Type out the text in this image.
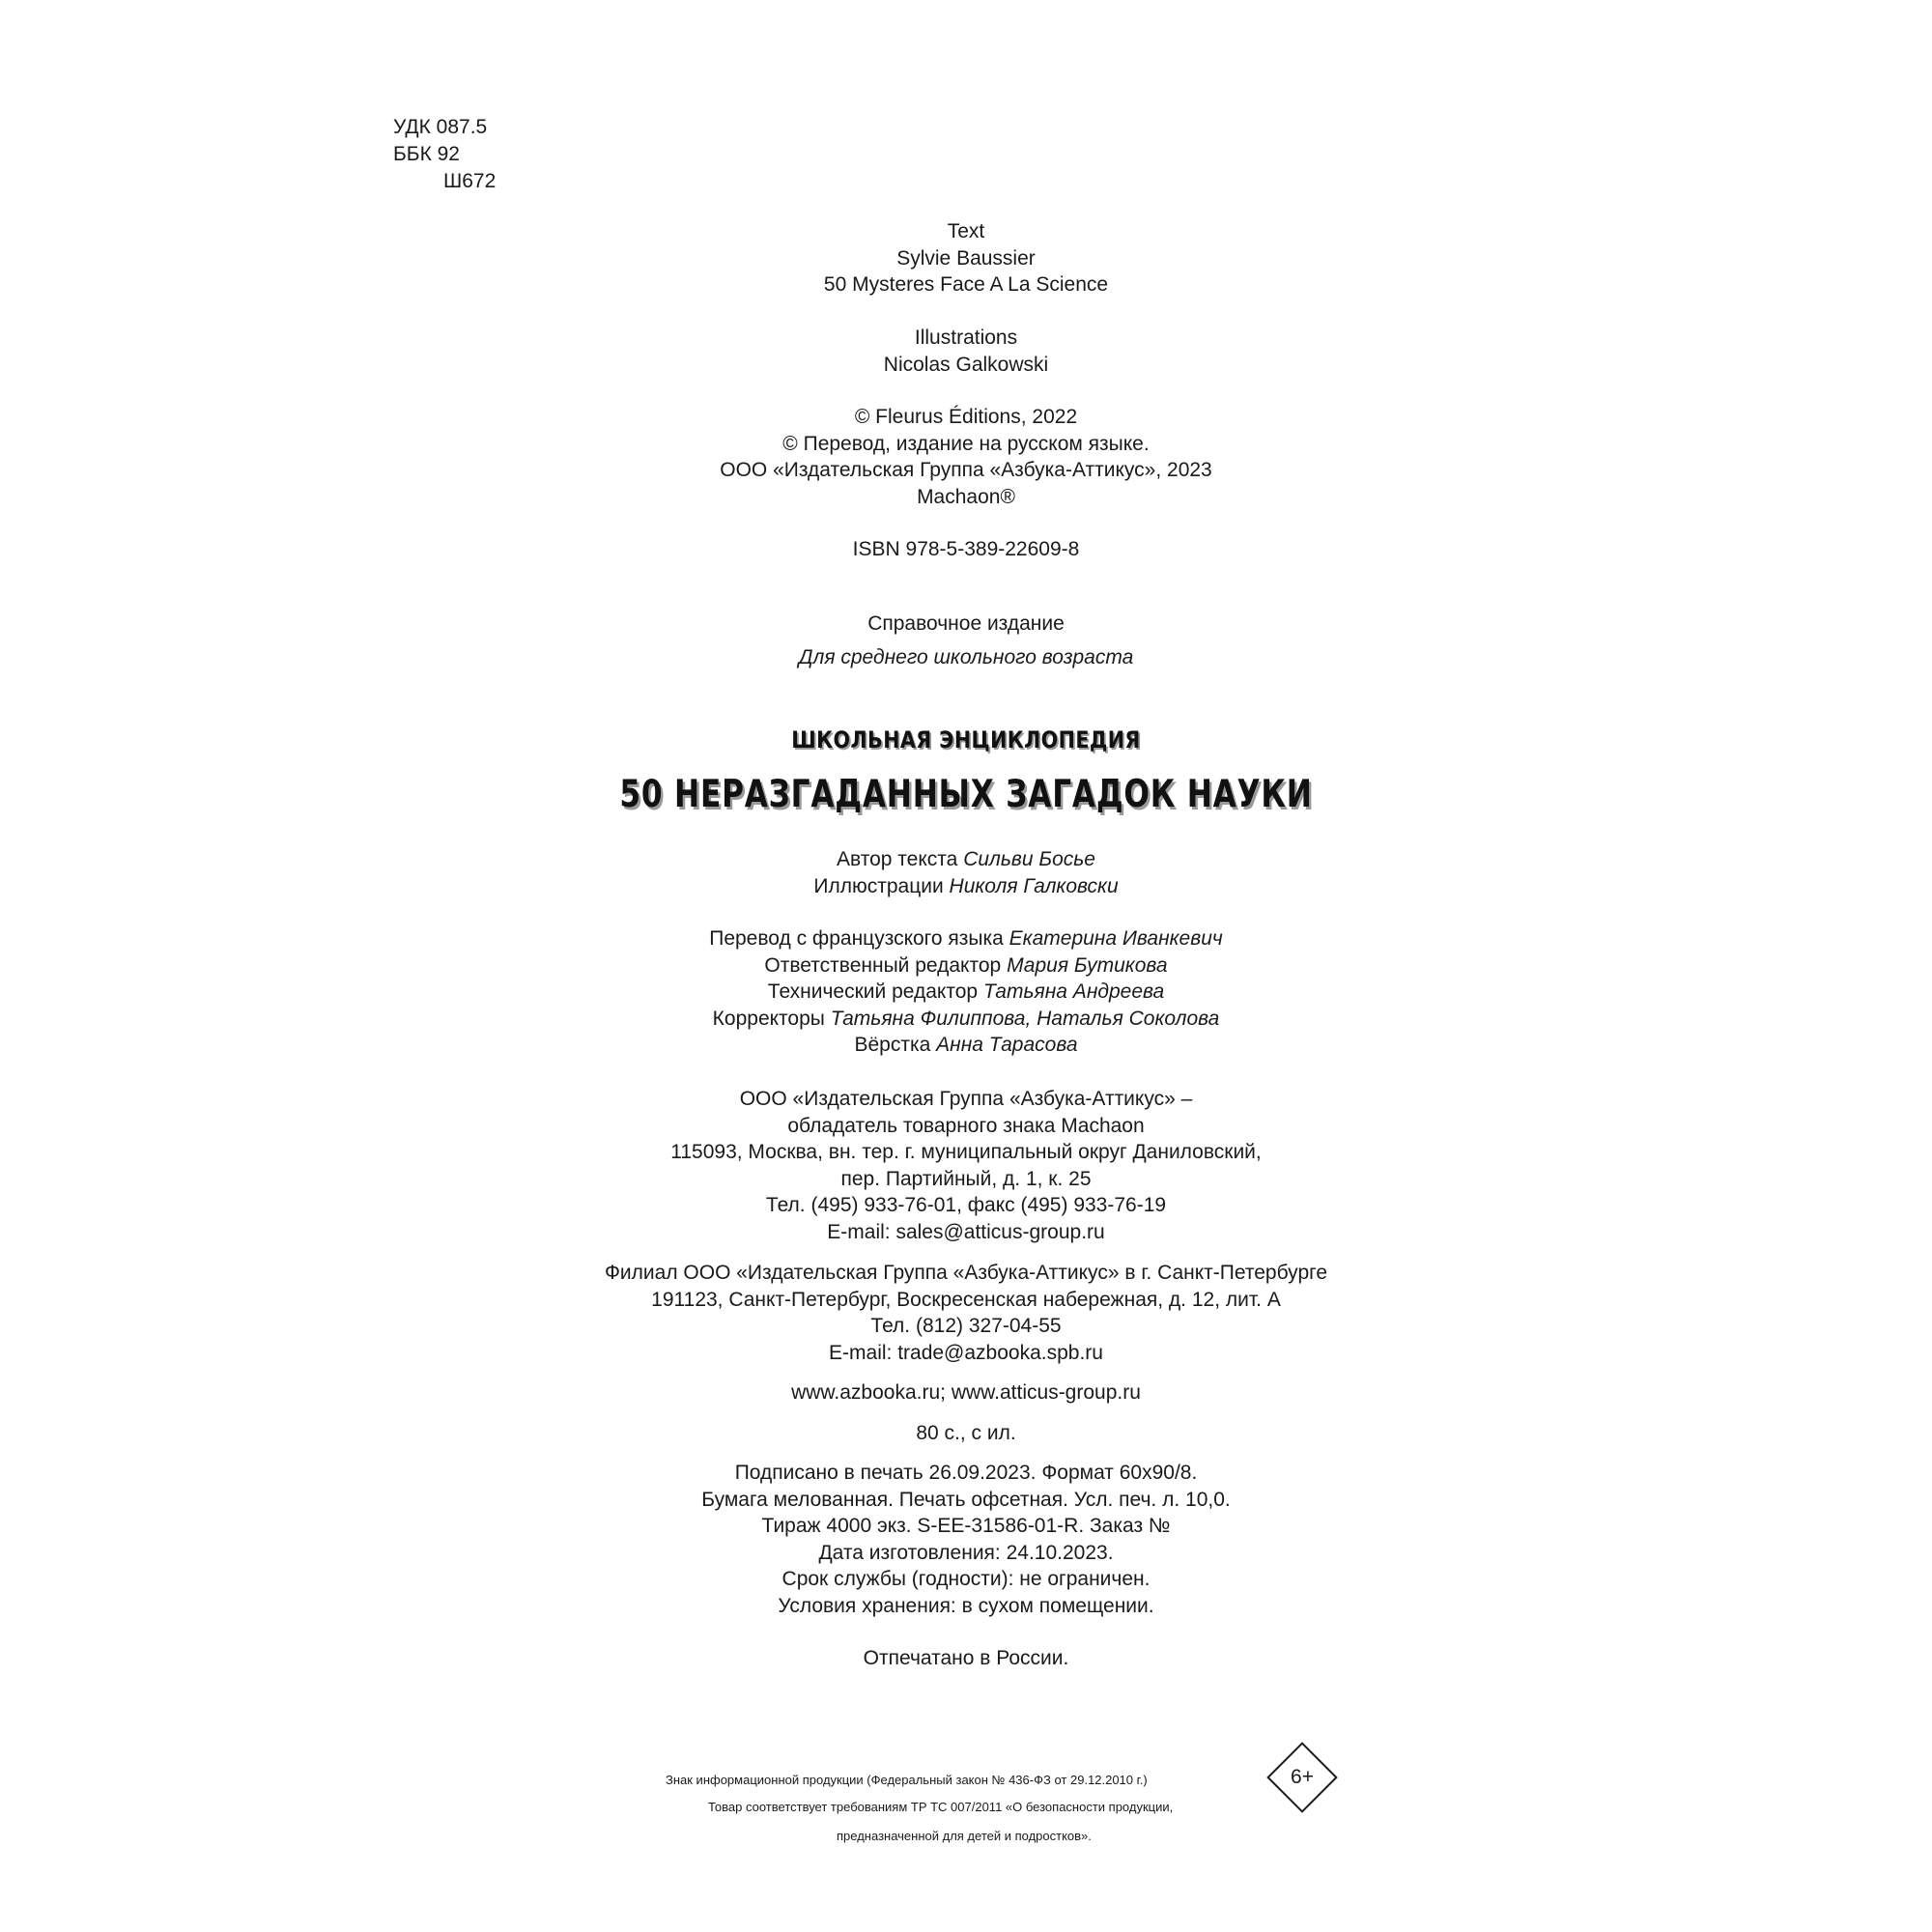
УДК 087.5
ББК 92
Ш672
Text
Sylvie Baussier
50 Mysteres Face A La Science
Illustrations
Nicolas Galkowski
© Fleurus Éditions, 2022
© Перевод, издание на русском языке.
ООО «Издательская Группа «Азбука-Аттикус», 2023
Machaon®
ISBN 978-5-389-22609-8
Справочное издание
Для среднего школьного возраста
ШКОЛЬНАЯ ЭНЦИКЛОПЕДИЯ
50 НЕРАЗГАДАННЫХ ЗАГАДОК НАУКИ
Автор текста Сильви Босье
Иллюстрации Николя Галковски
Перевод с французского языка Екатерина Иванкевич
Ответственный редактор Мария Бутикова
Технический редактор Татьяна Андреева
Корректоры Татьяна Филиппова, Наталья Соколова
Вёрстка Анна Тарасова
ООО «Издательская Группа «Азбука-Аттикус» –
обладатель товарного знака Machaon
115093, Москва, вн. тер. г. муниципальный округ Даниловский,
пер. Партийный, д. 1, к. 25
Тел. (495) 933-76-01, факс (495) 933-76-19
E-mail: sales@atticus-group.ru
Филиал ООО «Издательская Группа «Азбука-Аттикус» в г. Санкт-Петербурге
191123, Санкт-Петербург, Воскресенская набережная, д. 12, лит. А
Тел. (812) 327-04-55
E-mail: trade@azbooka.spb.ru
www.azbooka.ru; www.atticus-group.ru
80 с., с ил.
Подписано в печать 26.09.2023. Формат 60x90/8.
Бумага мелованная. Печать офсетная. Усл. печ. л. 10,0.
Тираж 4000 экз. S-EE-31586-01-R. Заказ №
Дата изготовления: 24.10.2023.
Срок службы (годности): не ограничен.
Условия хранения: в сухом помещении.
Отпечатано в России.
Знак информационной продукции (Федеральный закон № 436-ФЗ от 29.12.2010 г.)
Товар соответствует требованиям ТР ТС 007/2011 «О безопасности продукции,
предназначенной для детей и подростков».
6+
